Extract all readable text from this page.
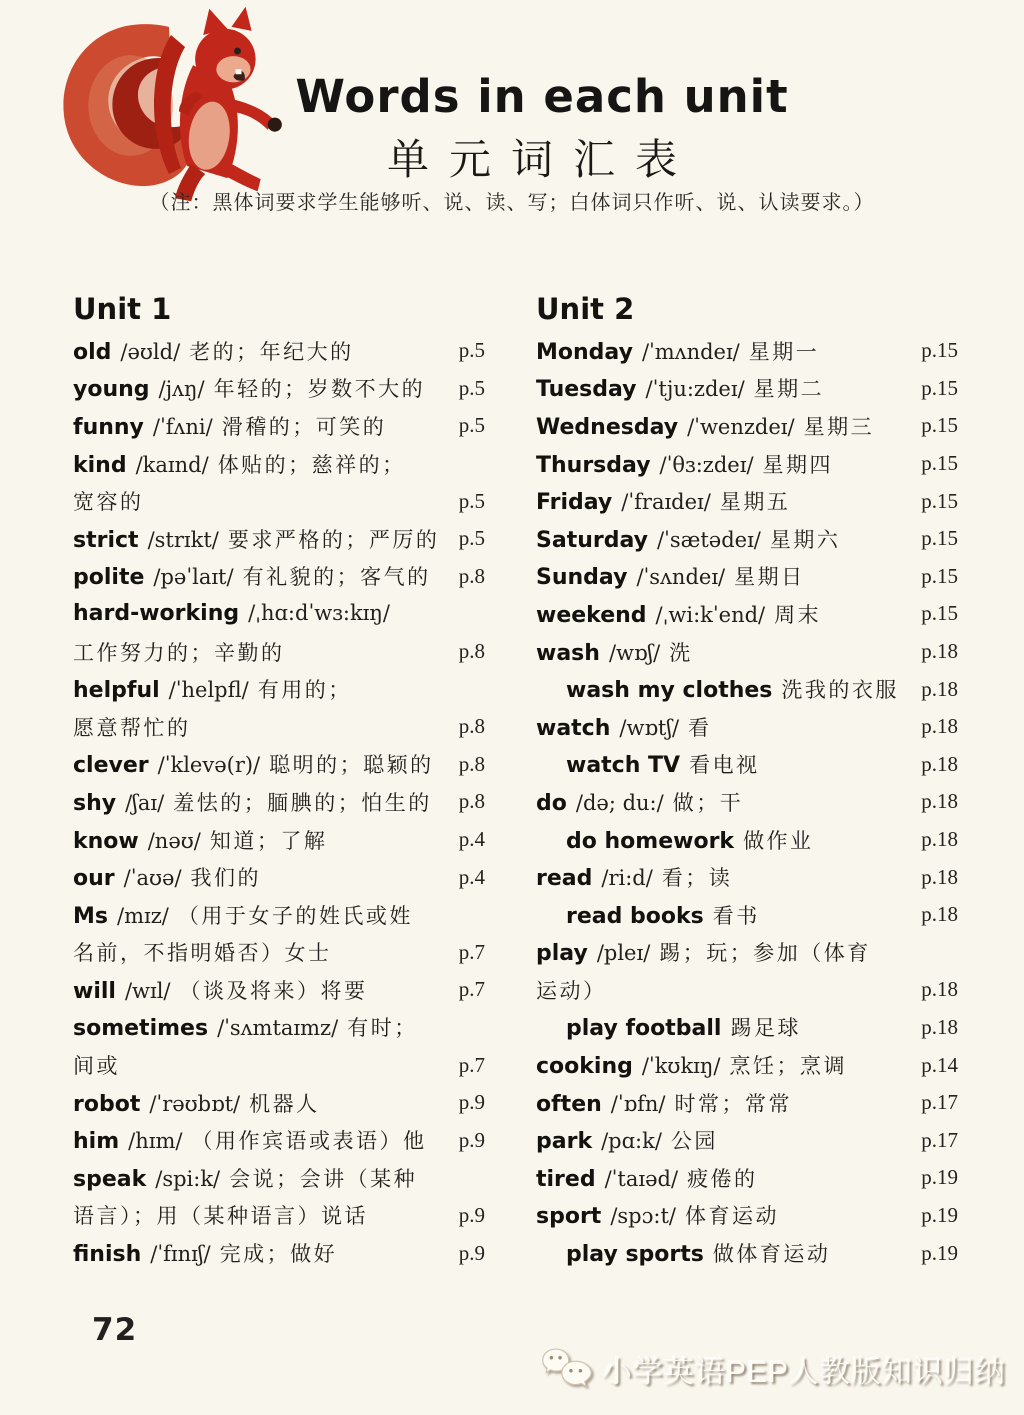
Words in each unit
单元词汇表
（注：黑体词要求学生能够听、说、读、写；白体词只作听、说、认读要求。）
Unit 1
old /əʊld/ 老的；年纪大的	p.5
young /jʌŋ/ 年轻的；岁数不大的	p.5
funny /ˈfʌni/ 滑稽的；可笑的	p.5
kind /kaɪnd/ 体贴的；慈祥的；
宽容的	p.5
strict /strɪkt/ 要求严格的；严厉的 p.5
polite /pəˈlaɪt/ 有礼貌的；客气的	p.8
hard-working /ˌhɑ:dˈwɜ:kɪŋ/
工作努力的；辛勤的	p.8
helpful /ˈhelpfl/ 有用的；
愿意帮忙的	p.8
clever /ˈklevə(r)/ 聪明的；聪颖的	p.8
shy /ʃaɪ/ 羞怯的；腼腆的；怕生的	p.8
know /nəʊ/ 知道；了解	p.4
our /ˈaʊə/ 我们的	p.4
Ms /mɪz/ （用于女子的姓氏或姓
名前，不指明婚否）女士	p.7
will /wɪl/ （谈及将来）将要	p.7
sometimes /ˈsʌmtaɪmz/ 有时；
间或	p.7
robot /ˈrəʊbɒt/ 机器人	p.9
him /hɪm/ （用作宾语或表语）他	p.9
speak /spi:k/ 会说；会讲（某种
语言）；用（某种语言）说话	p.9
finish /ˈfɪnɪʃ/ 完成；做好	p.9
Unit 2
Monday /ˈmʌndeɪ/ 星期一	p.15
Tuesday /ˈtju:zdeɪ/ 星期二	p.15
Wednesday /ˈwenzdeɪ/ 星期三	p.15
Thursday /ˈθɜ:zdeɪ/ 星期四	p.15
Friday /ˈfraɪdeɪ/ 星期五	p.15
Saturday /ˈsætədeɪ/ 星期六	p.15
Sunday /ˈsʌndeɪ/ 星期日	p.15
weekend /ˌwi:kˈend/ 周末	p.15
wash /wɒʃ/ 洗	p.18
wash my clothes 洗我的衣服	p.18
watch /wɒtʃ/ 看	p.18
watch TV 看电视	p.18
do /də; du:/ 做；干	p.18
do homework 做作业	p.18
read /ri:d/ 看；读	p.18
read books 看书	p.18
play /pleɪ/ 踢；玩；参加（体育
运动）	p.18
play football 踢足球	p.18
cooking /ˈkʊkɪŋ/ 烹饪；烹调	p.14
often /ˈɒfn/ 时常；常常	p.17
park /pɑ:k/ 公园	p.17
tired /ˈtaɪəd/ 疲倦的	p.19
sport /spɔ:t/ 体育运动	p.19
play sports 做体育运动	p.19
72
小学英语PEP人教版知识归纳
